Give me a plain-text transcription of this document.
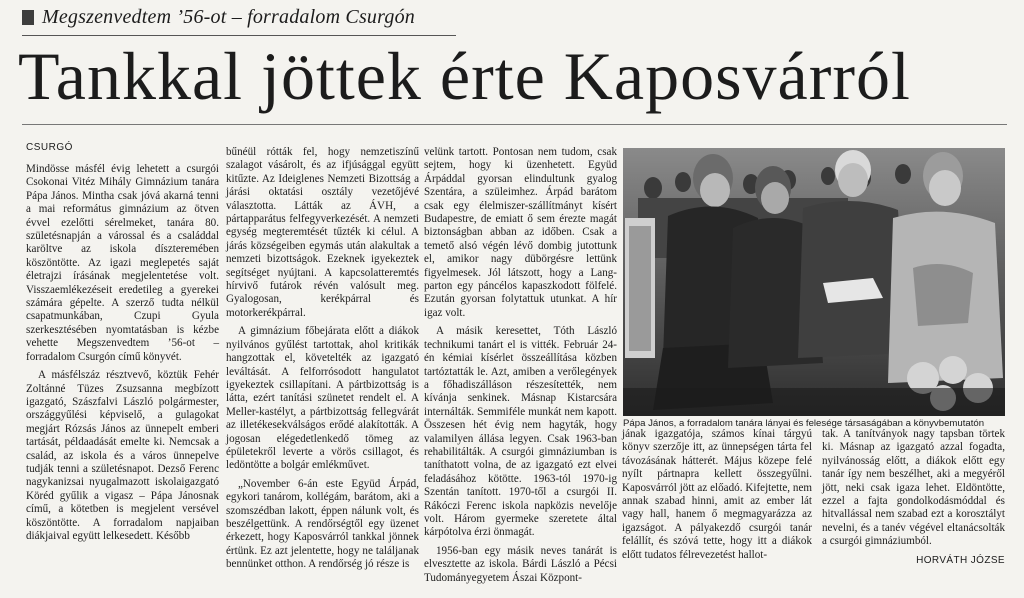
Megszenvedtem ’56-ot – forradalom Csurgón
Tankkal jöttek érte Kaposvárról
CSURGÓ

Mindösse másfél évig lehetett a csurgói Csokonai Vitéz Mihály Gimnázium tanára Pápa János. Mintha csak jóvá akarná tenni a mai református gimnázium az ötven évvel ezelőtti sérelmeket, tanára 80. születésnapján a várossal és a családdal karöltve az iskola díszteremében köszöntötte. Az igazi meglepetés saját életrajzi írásának megjelentetése volt. Visszaemlékezéseit eredetileg a gyerekei számára gépelte. A szerző tudta nélkül csapatmunkában, Czupi Gyula szerkesztésében nyomtatásban is kézbe vehette Megszenvedtem ’56-ot – forradalom Csurgón című könyvét.

A másfélszáz résztvevő, köztük Fehér Zoltánné Tüzes Zsuzsanna megbízott igazgató, Szászfalvi László polgármester, országgyűlési képviselő, a gulagokat megjárt Rózsás János az ünnepelt emberi tartását, példaadását emelte ki. Nemcsak a család, az iskola és a város ünnepelve tudják tenni a születésnapot. Dezső Ferenc nagykanizsai nyugalmazott iskolaigazgató Köréd gyűlik a vigasz – Pápa Jánosnak című, a kötetben is megjelent versével köszöntötte. A forradalom napjaiban diákjaival együtt lelkesedett. Később

bűnéül rótták fel, hogy nemzetiszínű szalagot vásárolt, és az ifjúsággal együtt kitűzte. Az Ideiglenes Nemzeti Bizottság a járási oktatási osztály vezetőjévé választotta. Látták az ÁVH, a pártapparátus felfegyverkezését. A nemzeti egység megteremtését tűzték ki célul. A járás községeiben egymás után alakultak a nemzeti bizottságok. Ezeknek igyekeztek segítséget nyújtani. A kapcsolatteremtés hírvivő futárok révén valósult meg. Gyalogosan, kerékpárral és motorkerékpárral.

A gimnázium főbejárata előtt a diákok nyilvános gyűlést tartottak, ahol kritikák hangzottak el, követelték az igazgató leváltását. A felforrósodott hangulatot igyekeztek csillapítani. A pártbizottság is látta, ezért tanítási szünetet rendelt el. A Meller-kastélyt, a pártbizottság fellegvárát az illetékesekválságos erődé alakították. A jogosan elégedetlenkedő tömeg az épületekről leverte a vörös csillagot, és ledöntötte a bolgár emlékművet.

„November 6-án este Együd Árpád, egykori tanárom, kollégám, barátom, aki a szomszédban lakott, éppen nálunk volt, és beszélgettünk. A rendőrségtől egy üzenet érkezett, hogy Kaposvárról tankkal jönnek értünk. Ez azt jelentette, hogy ne találjanak bennünket otthon. A rendőrség jó része is

velünk tartott. Pontosan nem tudom, csak sejtem, hogy ki üzenhetett. Együd Árpáddal gyorsan elindultunk gyalog Szentára, a szüleimhez. Árpád barátom csak egy élelmiszer-szállítmányt kísért Budapestre, de emiatt ő sem érezte magát biztonságban abban az időben. Csak a temető alsó végén lévő dombig jutottunk el, amikor nagy dübörgésre lettünk figyelmesek. Jól látszott, hogy a Lang-parton egy páncélos kapaszkodott fölfelé. Ezután gyorsan folytattuk utunkat. A hír igaz volt.

A másik keresettet, Tóth László technikumi tanárt el is vitték. Február 24-én kémiai kísérlet összeállítása közben tartóztatták le. Azt, amiben a verőlegények a főhadiszálláson részesítették, nem kívánja senkinek. Másnap Kistarcsára internálták. Semmiféle munkát nem kapott. Összesen hét évig nem hagyták, hogy valamilyen állása legyen. Csak 1963-ban rehabilitálták. A csurgói gimnáziumban is taníthatott volna, de az igazgató ezt elvei feladásához kötötte. 1963-tól 1970-ig Szentán tanított. 1970-től a csurgói II. Rákóczi Ferenc iskola napközis nevelője volt. Három gyermeke szeretete által kárpótolva érzi önmagát.

1956-ban egy másik neves tanárát is elvesztette az iskola. Bárdi László a Pécsi Tudományegyetem Ászai Központ-

Pápa János, a forradalom tanára lányai és felesége társaságában a könyvbemutatón

jának igazgatója, számos kínai tárgyú könyv szerzője itt, az ünnepségen tárta fel távozásának hátterét. Május közepe felé nyílt pártnapra kellett összegyűlni. Kaposvárról jött az előadó. Kifejtette, nem annak szabad hinni, amit az ember lát vagy hall, hanem ő megmagyarázza az igazságot. A pályakezdő csurgói tanár felállít, és szóvá tette, hogy itt a diákok előtt tudatos félrevezetést hallot-

tak. A tanítványok nagy tapsban törtek ki. Másnap az igazgató azzal fogadta, nyilvánosság előtt, a diákok előtt egy tanár így nem beszélhet, aki a megyéről jött, neki csak igaza lehet. Eldöntötte, ezzel a fajta gondolkodásmóddal és hitvallással nem szabad ezt a korosztályt nevelni, és a tanév végével eltanácsolták a csurgói gimnáziumból.

HORVÁTH JÓZSE
